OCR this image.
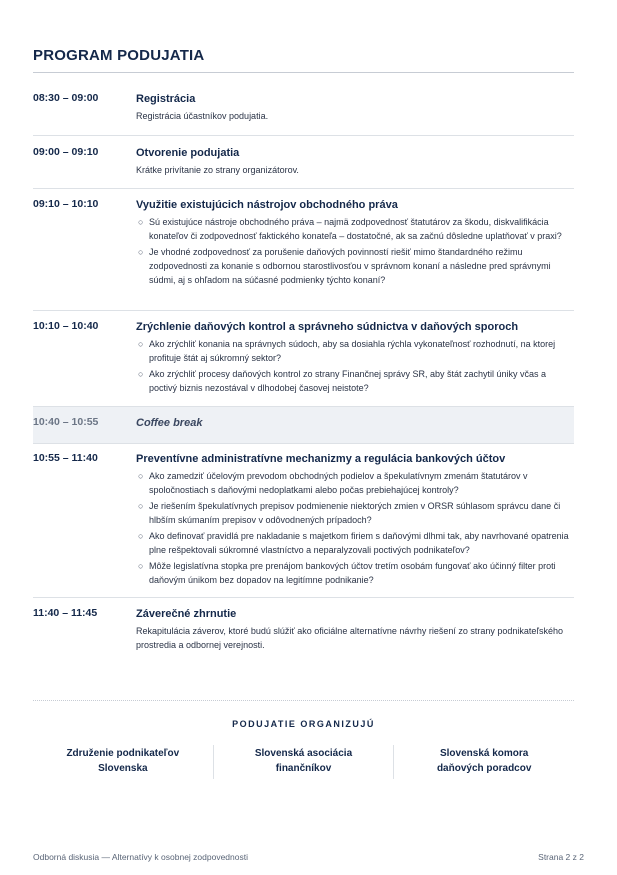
PROGRAM PODUJATIA
08:30 – 09:00	Registrácia
Registrácia účastníkov podujatia.
09:00 – 09:10	Otvorenie podujatia
Krátke privítanie zo strany organizátorov.
09:10 – 10:10	Využitie existujúcich nástrojov obchodného práva
○ Sú existujúce nástroje obchodného práva – najmä zodpovednosť štatutárov za škodu, diskvalifikácia konateľov či zodpovednosť faktického konateľa – dostatočné, ak sa začnú dôsledne uplatňovať v praxi?
○ Je vhodné zodpovednosť za porušenie daňových povinností riešiť mimo štandardného režimu zodpovednosti za konanie s odbornou starostlivosťou v správnom konaní a následne pred správnymi súdmi, aj s ohľadom na súčasné podmienky týchto konaní?
10:10 – 10:40	Zrýchlenie daňových kontrol a správneho súdnictva v daňových sporoch
○ Ako zrýchliť konania na správnych súdoch, aby sa dosiahla rýchla vykonateľnosť rozhodnutí, na ktorej profituje štát aj súkromný sektor?
○ Ako zrýchliť procesy daňových kontrol zo strany Finančnej správy SR, aby štát zachytil úniky včas a poctivý biznis nezostával v dlhodobej časovej neistote?
10:40 – 10:55	Coffee break
10:55 – 11:40	Preventívne administratívne mechanizmy a regulácia bankových účtov
○ Ako zamedziť účelovým prevodom obchodných podielov a špekulatívnym zmenám štatutárov v spoločnostiach s daňovými nedoplatkami alebo počas prebiehajúcej kontroly?
○ Je riešením špekulatívnych prepisov podmienenie niektorých zmien v ORSR súhlasom správcu dane či hlbším skúmaním prepisov v odôvodnených prípadoch?
○ Ako definovať pravidlá pre nakladanie s majetkom firiem s daňovými dlhmi tak, aby navrhované opatrenia plne rešpektovali súkromné vlastníctvo a neparalyzovali poctivých podnikateľov?
○ Môže legislatívna stopka pre prenájom bankových účtov tretím osobám fungovať ako účinný filter proti daňovým únikom bez dopadov na legitímne podnikanie?
11:40 – 11:45	Záverečné zhrnutie
Rekapitulácia záverov, ktoré budú slúžiť ako oficiálne alternatívne návrhy riešení zo strany podnikateľského prostredia a odbornej verejnosti.
PODUJATIE ORGANIZUJÚ
Združenie podnikateľov
Slovenska
Slovenská asociácia
finančníkov
Slovenská komora
daňových poradcov
Odborná diskusia — Alternatívy k osobnej zodpovednosti	Strana 2 z 2
